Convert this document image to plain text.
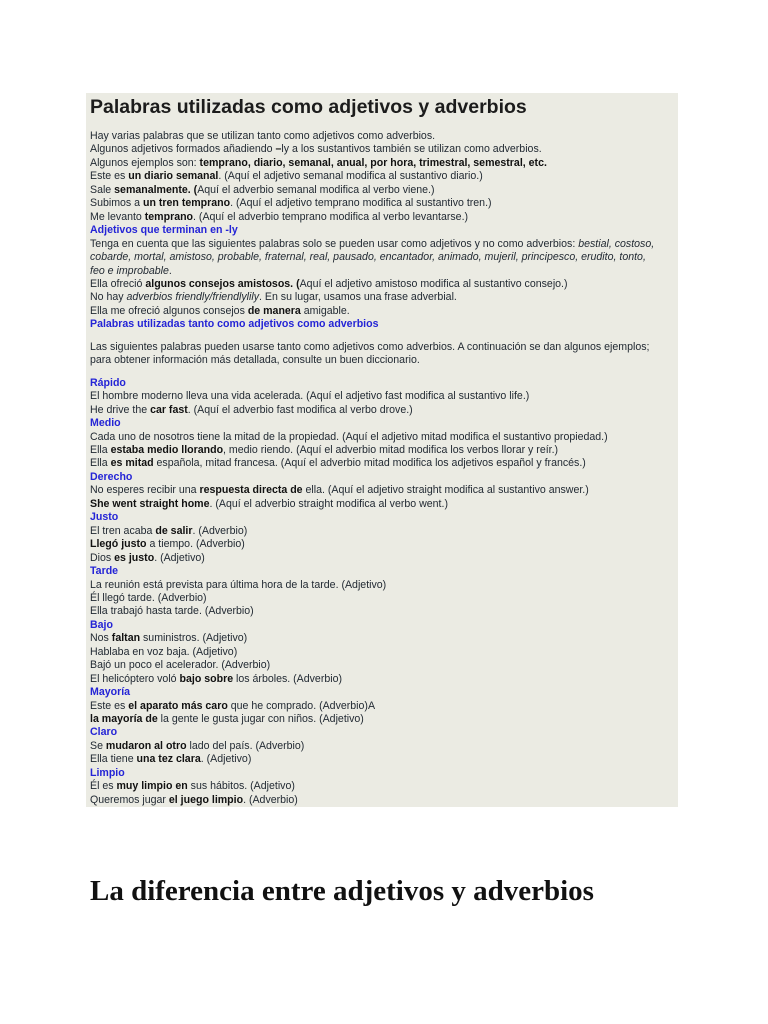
Palabras utilizadas como adjetivos y adverbios
Hay varias palabras que se utilizan tanto como adjetivos como adverbios.
Algunos adjetivos formados añadiendo –ly a los sustantivos también se utilizan como adverbios.
Algunos ejemplos son: temprano, diario, semanal, anual, por hora, trimestral, semestral, etc.
Este es un diario semanal. (Aquí el adjetivo semanal modifica al sustantivo diario.)
Sale semanalmente. (Aquí el adverbio semanal modifica al verbo viene.)
Subimos a un tren temprano. (Aquí el adjetivo temprano modifica al sustantivo tren.)
Me levanto temprano. (Aquí el adverbio temprano modifica al verbo levantarse.)
Adjetivos que terminan en -ly
Tenga en cuenta que las siguientes palabras solo se pueden usar como adjetivos y no como adverbios: bestial, costoso, cobarde, mortal, amistoso, probable, fraternal, real, pausado, encantador, animado, mujeril, principesco, erudito, tonto, feo e improbable.
Ella ofreció algunos consejos amistosos. (Aquí el adjetivo amistoso modifica al sustantivo consejo.)
No hay adverbios friendly/friendlylily. En su lugar, usamos una frase adverbial.
Ella me ofreció algunos consejos de manera amigable.
Palabras utilizadas tanto como adjetivos como adverbios
Las siguientes palabras pueden usarse tanto como adjetivos como adverbios. A continuación se dan algunos ejemplos; para obtener información más detallada, consulte un buen diccionario.
Rápido
El hombre moderno lleva una vida acelerada. (Aquí el adjetivo fast modifica al sustantivo life.)
He drive the car fast. (Aquí el adverbio fast modifica al verbo drove.)
Medio
Cada uno de nosotros tiene la mitad de la propiedad. (Aquí el adjetivo mitad modifica el sustantivo propiedad.)
Ella estaba medio llorando, medio riendo. (Aquí el adverbio mitad modifica los verbos llorar y reír.)
Ella es mitad española, mitad francesa. (Aquí el adverbio mitad modifica los adjetivos español y francés.)
Derecho
No esperes recibir una respuesta directa de ella. (Aquí el adjetivo straight modifica al sustantivo answer.)
She went straight home. (Aquí el adverbio straight modifica al verbo went.)
Justo
El tren acaba de salir. (Adverbio)
Llegó justo a tiempo. (Adverbio)
Dios es justo. (Adjetivo)
Tarde
La reunión está prevista para última hora de la tarde. (Adjetivo)
Él llegó tarde. (Adverbio)
Ella trabajó hasta tarde. (Adverbio)
Bajo
Nos faltan suministros. (Adjetivo)
Hablaba en voz baja. (Adjetivo)
Bajó un poco el acelerador. (Adverbio)
El helicóptero voló bajo sobre los árboles. (Adverbio)
Mayoría
Este es el aparato más caro que he comprado. (Adverbio)A
la mayoría de la gente le gusta jugar con niños. (Adjetivo)
Claro
Se mudaron al otro lado del país. (Adverbio)
Ella tiene una tez clara. (Adjetivo)
Limpio
Él es muy limpio en sus hábitos. (Adjetivo)
Queremos jugar el juego limpio. (Adverbio)
La diferencia entre adjetivos y adverbios
